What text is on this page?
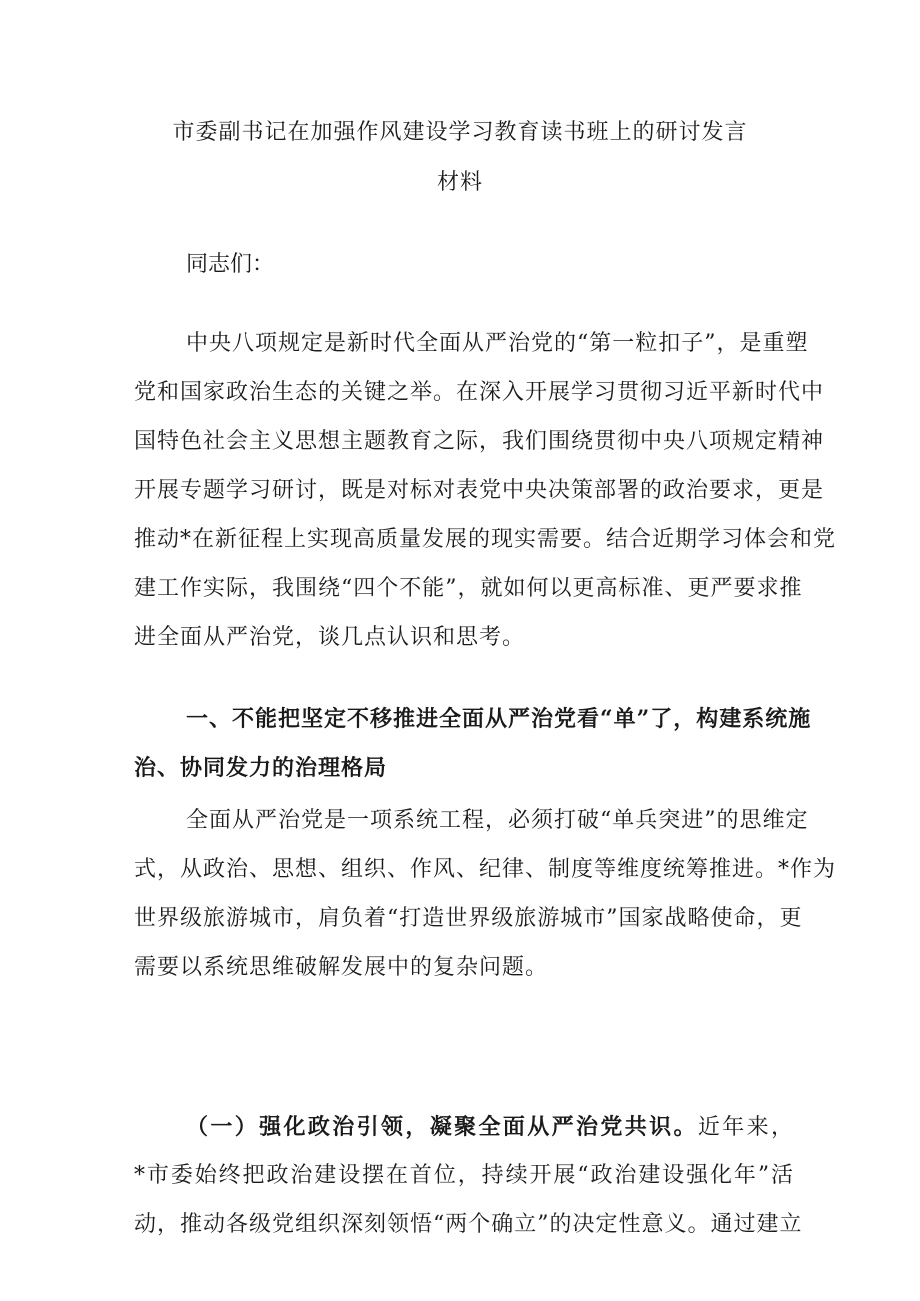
市委副书记在加强作风建设学习教育读书班上的研讨发言
材料
同志们：
中央八项规定是新时代全面从严治党的“第一粒扣子”，是重塑
党和国家政治生态的关键之举。在深入开展学习贯彻习近平新时代中
国特色社会主义思想主题教育之际，我们围绕贯彻中央八项规定精神
开展专题学习研讨，既是对标对表党中央决策部署的政治要求，更是
推动*在新征程上实现高质量发展的现实需要。结合近期学习体会和党
建工作实际，我围绕“四个不能”，就如何以更高标准、更严要求推
进全面从严治党，谈几点认识和思考。
一、不能把坚定不移推进全面从严治党看“单”了，构建系统施
治、协同发力的治理格局
全面从严治党是一项系统工程，必须打破“单兵突进”的思维定
式，从政治、思想、组织、作风、纪律、制度等维度统筹推进。*作为
世界级旅游城市，肩负着“打造世界级旅游城市”国家战略使命，更
需要以系统思维破解发展中的复杂问题。
（一）强化政治引领，凝聚全面从严治党共识。近年来，
*市委始终把政治建设摆在首位，持续开展“政治建设强化年”活
动，推动各级党组织深刻领悟“两个确立”的决定性意义。通过建立
